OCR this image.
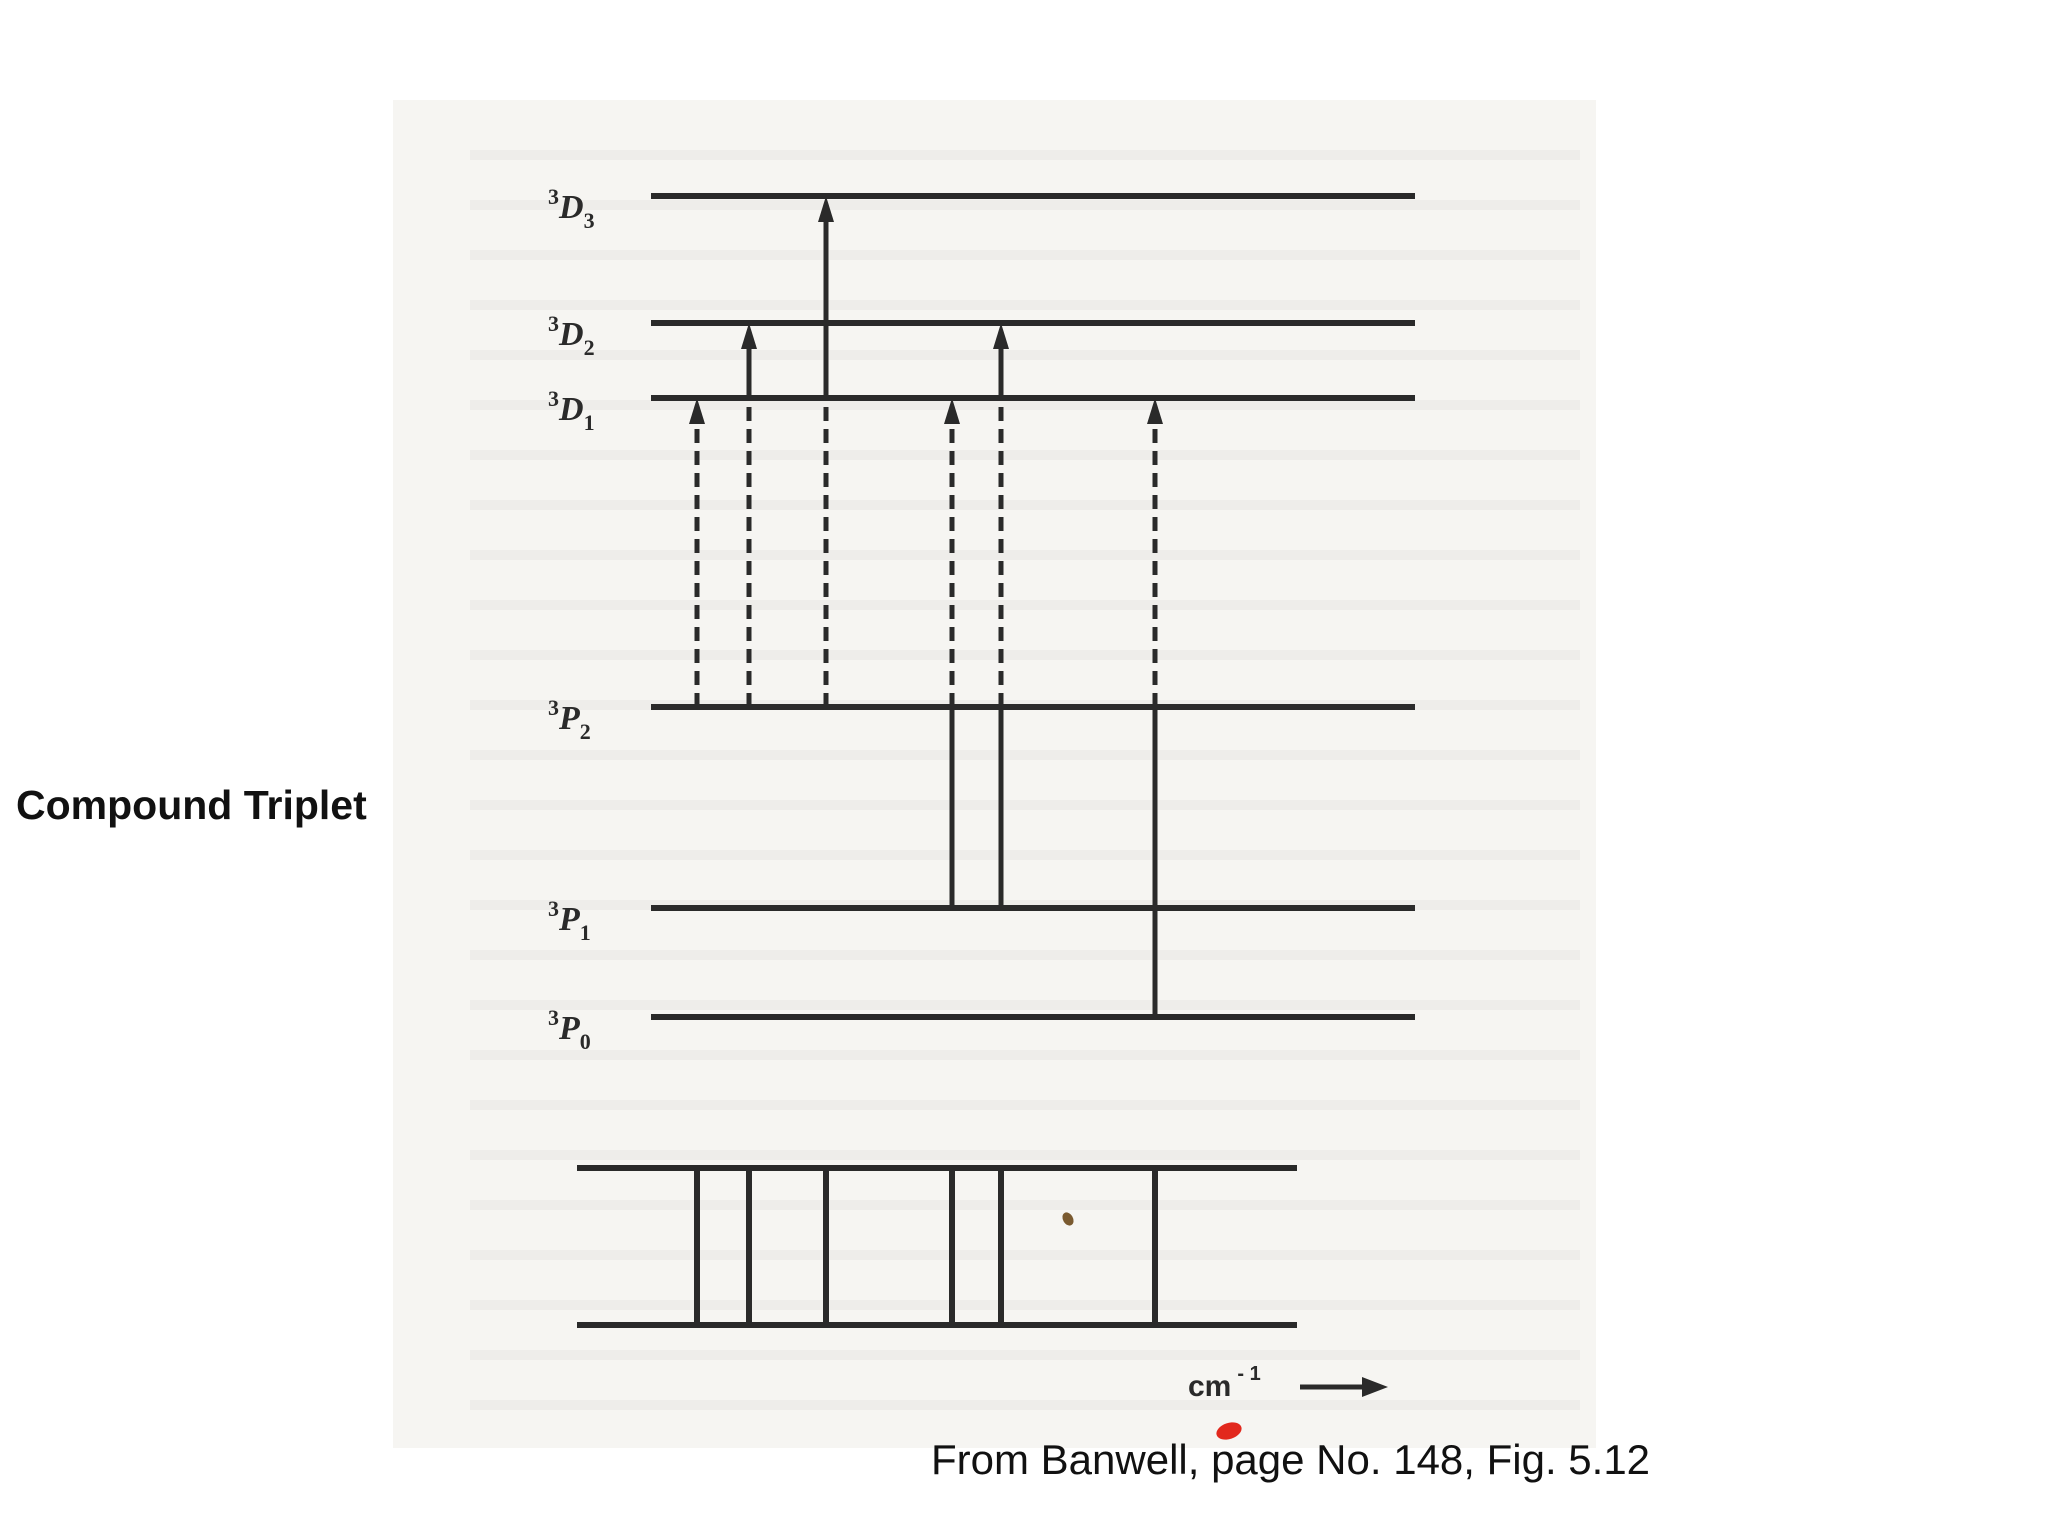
Compound Triplet
$^3D_3$
$^3D_2$
$^3D_1$
$^3P_2$
$^3P_1$
$^3P_0$
cm $^{- 1}$
From Banwell, page No. 148, Fig. 5.12
